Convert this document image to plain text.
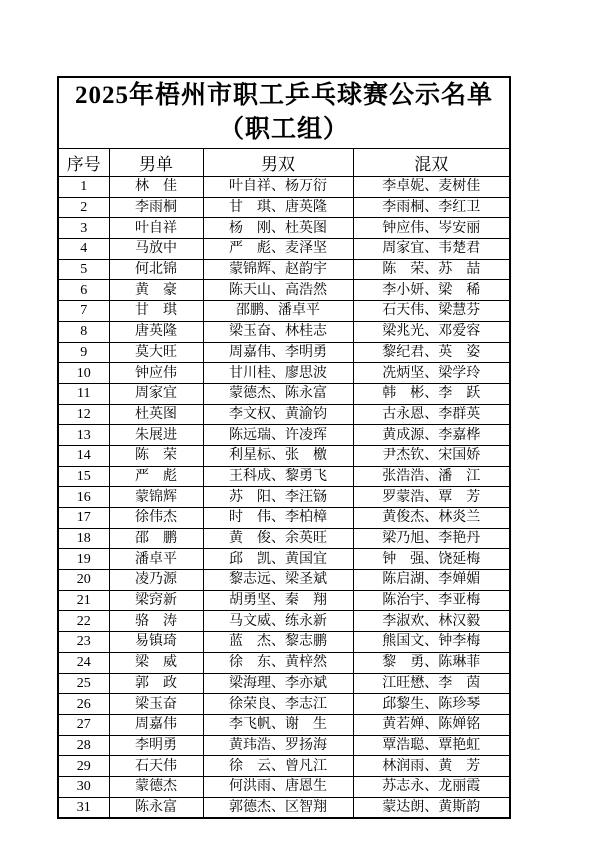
2025年梧州市职工乒乓球赛公示名单
（职工组）			

序号	男单	男双	混双
1	林　佳	叶自祥、杨万衍	李卓妮、麦树佳
2	李雨桐	甘　琪、唐英隆	李雨桐、李红卫
3	叶自祥	杨　刚、杜英图	钟应伟、岑安丽
4	马放中	严　彪、麦泽坚	周家宜、韦楚君
5	何北锦	蒙锦辉、赵韵宇	陈　荣、苏　喆
6	黄　豪	陈天山、高浩然	李小妍、梁　稀
7	甘　琪	邵鹏、潘卓平	石天伟、梁慧芬
8	唐英隆	梁玉奋、林桂志	梁兆光、邓爱容
9	莫大旺	周嘉伟、李明勇	黎纪君、英　姿
10	钟应伟	甘川桂、廖思波	冼炳坚、梁学玲
11	周家宜	蒙德杰、陈永富	韩　彬、李　跃
12	杜英图	李文权、黄渝钧	古永恩、李群英
13	朱展进	陈远瑞、许凌珲	黄成源、李嘉桦
14	陈　荣	利星标、张　檄	尹杰钦、宋国娇
15	严　彪	王科成、黎勇飞	张浩浩、潘　江
16	蒙锦辉	苏　阳、李汪铴	罗蒙浩、覃　芳
17	徐伟杰	时　伟、李柏樟	黄俊杰、林炎兰
18	邵　鹏	黄　俊、余英旺	梁乃旭、李艳丹
19	潘卓平	邱　凯、黄国宜	钟　强、饶延梅
20	凌乃源	黎志远、梁圣斌	陈启湖、李婵媚
21	梁窍新	胡勇坚、秦　翔	陈治宇、李亚梅
22	骆　涛	马文威、练永新	李淑欢、林汉毅
23	易镇琦	蓝　杰、黎志鹏	熊国文、钟李梅
24	梁　威	徐　东、黄梓然	黎　勇、陈琳菲
25	郭　政	梁海理、李亦斌	江旺懋、李　茵
26	梁玉奋	徐荣良、李志江	邱黎生、陈珍琴
27	周嘉伟	李飞帆、谢　生	黄若婵、陈婵铭
28	李明勇	黄玮浩、罗扬海	覃浩聪、覃艳虹
29	石天伟	徐　云、曾凡江	林润雨、黄　芳
30	蒙德杰	何洪雨、唐恩生	苏志永、龙丽霞
31	陈永富	郭德杰、区智翔	蒙达朗、黄斯韵
